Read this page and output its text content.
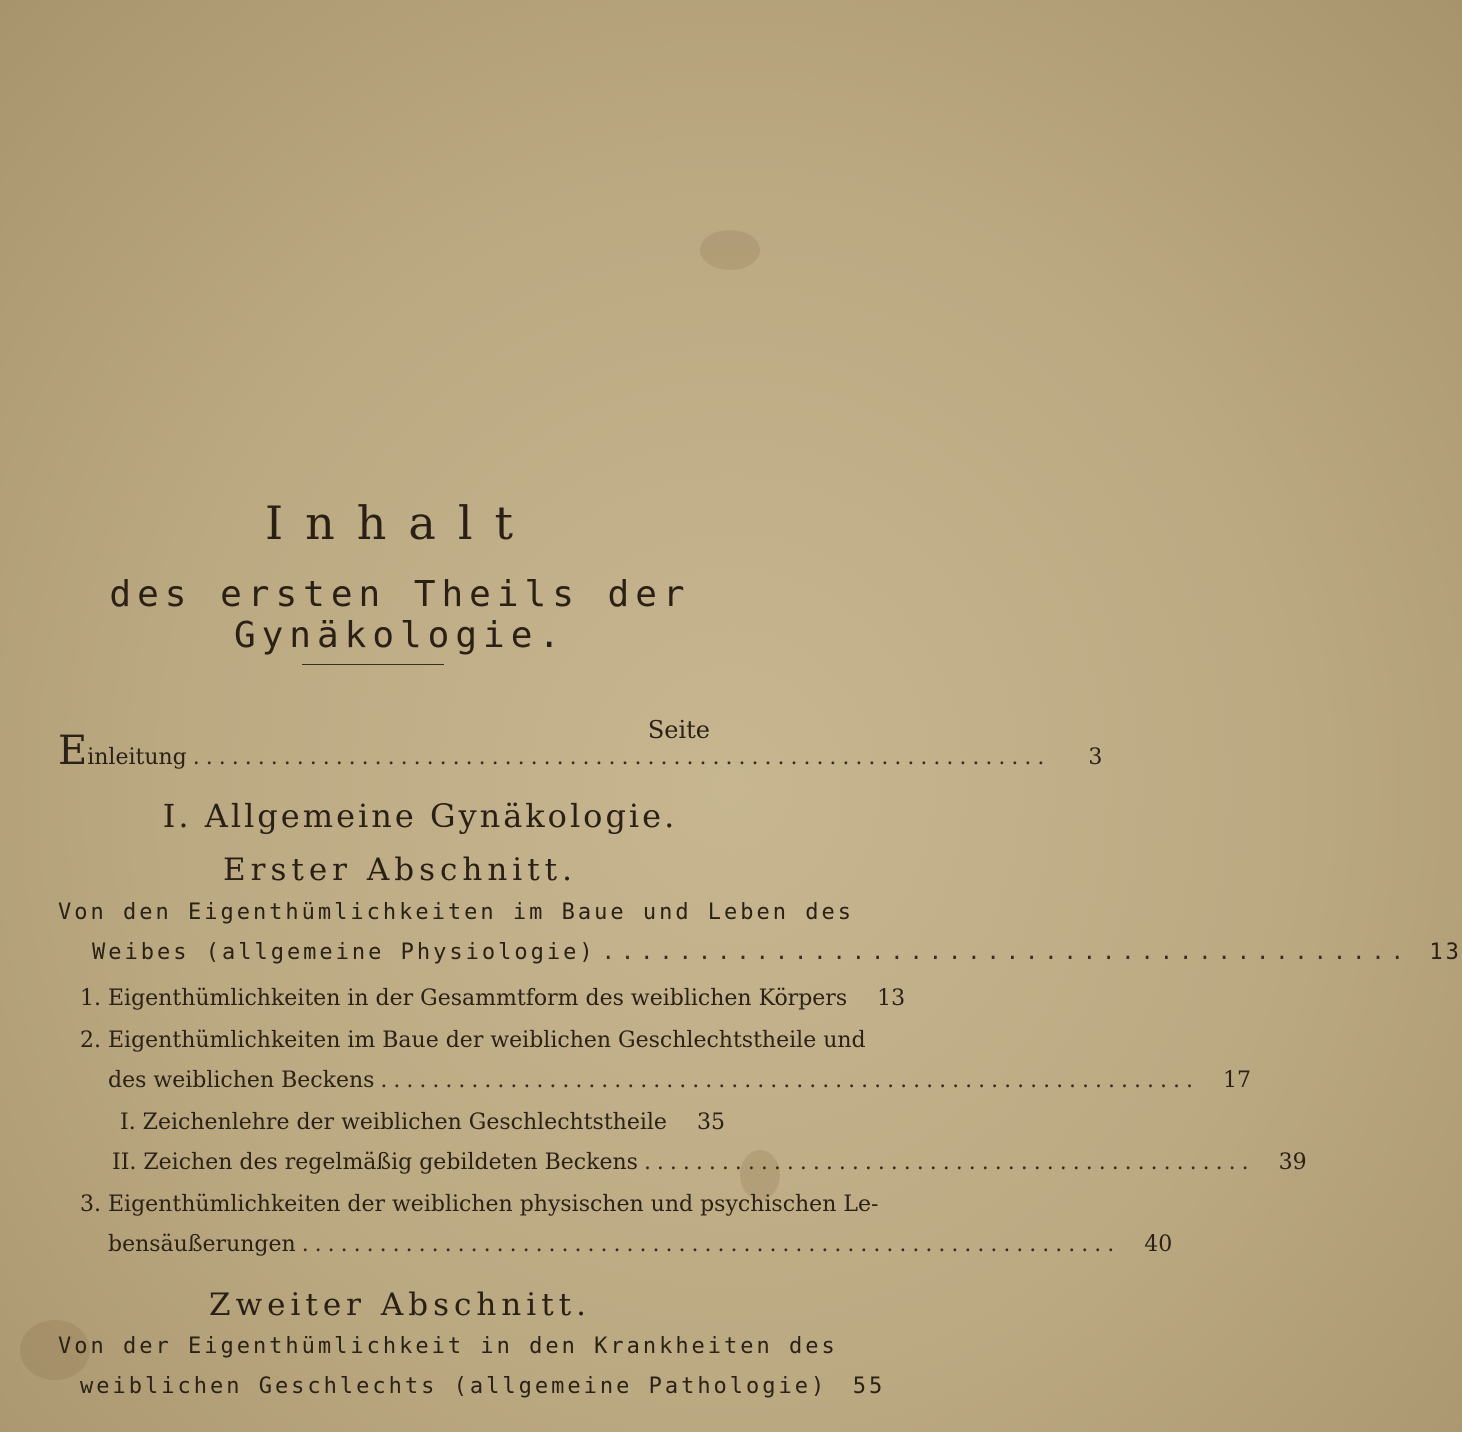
Inhalt
des ersten Theils der Gynäkologie.
Seite
Einleitung ..................................................................	3
I. Allgemeine Gynäkologie.
Erster Abschnitt.
Von den Eigenthümlichkeiten im Baue und Leben des
Weibes (allgemeine Physiologie) .......................................... 13
1. Eigenthümlichkeiten in der Gesammtform des weiblichen Körpers	13
2. Eigenthümlichkeiten im Baue der weiblichen Geschlechtstheile und
des weiblichen Beckens ...............................................................	17
I. Zeichenlehre der weiblichen Geschlechtstheile	35
II. Zeichen des regelmäßig gebildeten Beckens ...............................................	39
3. Eigenthümlichkeiten der weiblichen physischen und psychischen Le-
bensäußerungen ...............................................................	40
Zweiter Abschnitt.
Von der Eigenthümlichkeit in den Krankheiten des
weiblichen Geschlechts (allgemeine Pathologie)	55
